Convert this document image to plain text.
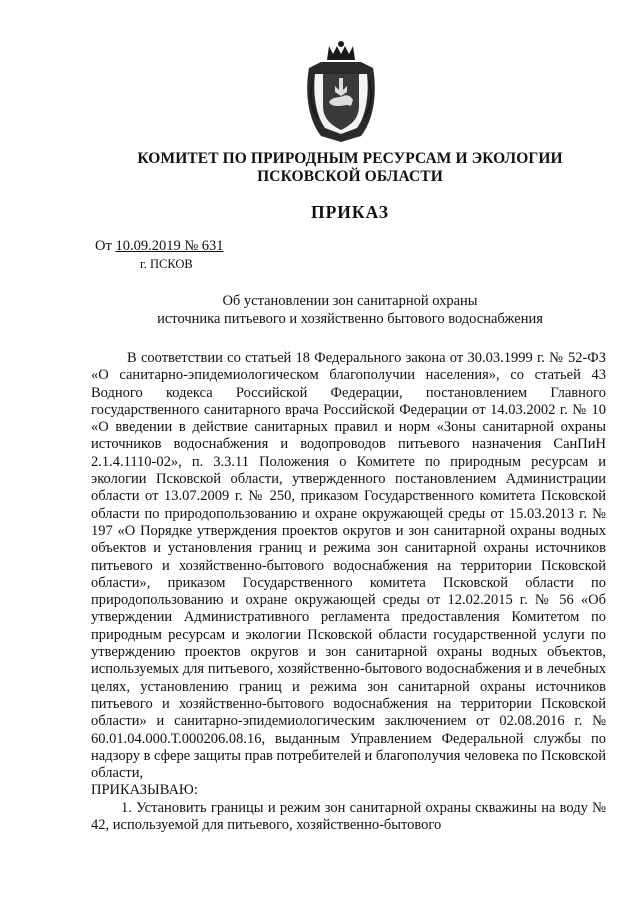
КОМИТЕТ ПО ПРИРОДНЫМ РЕСУРСАМ И ЭКОЛОГИИ
ПСКОВСКОЙ ОБЛАСТИ
ПРИКАЗ
От 10.09.2019 № 631
г. ПСКОВ
Об установлении зон санитарной охраны
источника питьевого и хозяйственно бытового водоснабжения

В соответствии со статьей 18 Федерального закона от 30.03.1999 г. № 52-ФЗ «О санитарно-эпидемиологическом благополучии населения», со статьей 43 Водного кодекса Российской Федерации, постановлением Главного государственного санитарного врача Российской Федерации от 14.03.2002 г. № 10 «О введении в действие санитарных правил и норм «Зоны санитарной охраны источников водоснабжения и водопроводов питьевого назначения СанПиН 2.1.4.1110-02», п. 3.3.11 Положения о Комитете по природным ресурсам и экологии Псковской области, утвержденного постановлением Администрации области от 13.07.2009 г. № 250, приказом Государственного комитета Псковской области по природопользованию и охране окружающей среды от 15.03.2013 г. № 197 «О Порядке утверждения проектов округов и зон санитарной охраны водных объектов и установления границ и режима зон санитарной охраны источников питьевого и хозяйственно-бытового водоснабжения на территории Псковской области», приказом Государственного комитета Псковской области по природопользованию и охране окружающей среды от 12.02.2015 г. № 56 «Об утверждении Административного регламента предоставления Комитетом по природным ресурсам и экологии Псковской области государственной услуги по утверждению проектов округов и зон санитарной охраны водных объектов, используемых для питьевого, хозяйственно-бытового водоснабжения и в лечебных целях, установлению границ и режима зон санитарной охраны источников питьевого и хозяйственно-бытового водоснабжения на территории Псковской области» и санитарно-эпидемиологическим заключением от 02.08.2016 г. № 60.01.04.000.Т.000206.08.16, выданным Управлением Федеральной службы по надзору в сфере защиты прав потребителей и благополучия человека по Псковской области,

ПРИКАЗЫВАЮ:

1. Установить границы и режим зон санитарной охраны скважины на воду № 42, используемой для питьевого, хозяйственно-бытового
